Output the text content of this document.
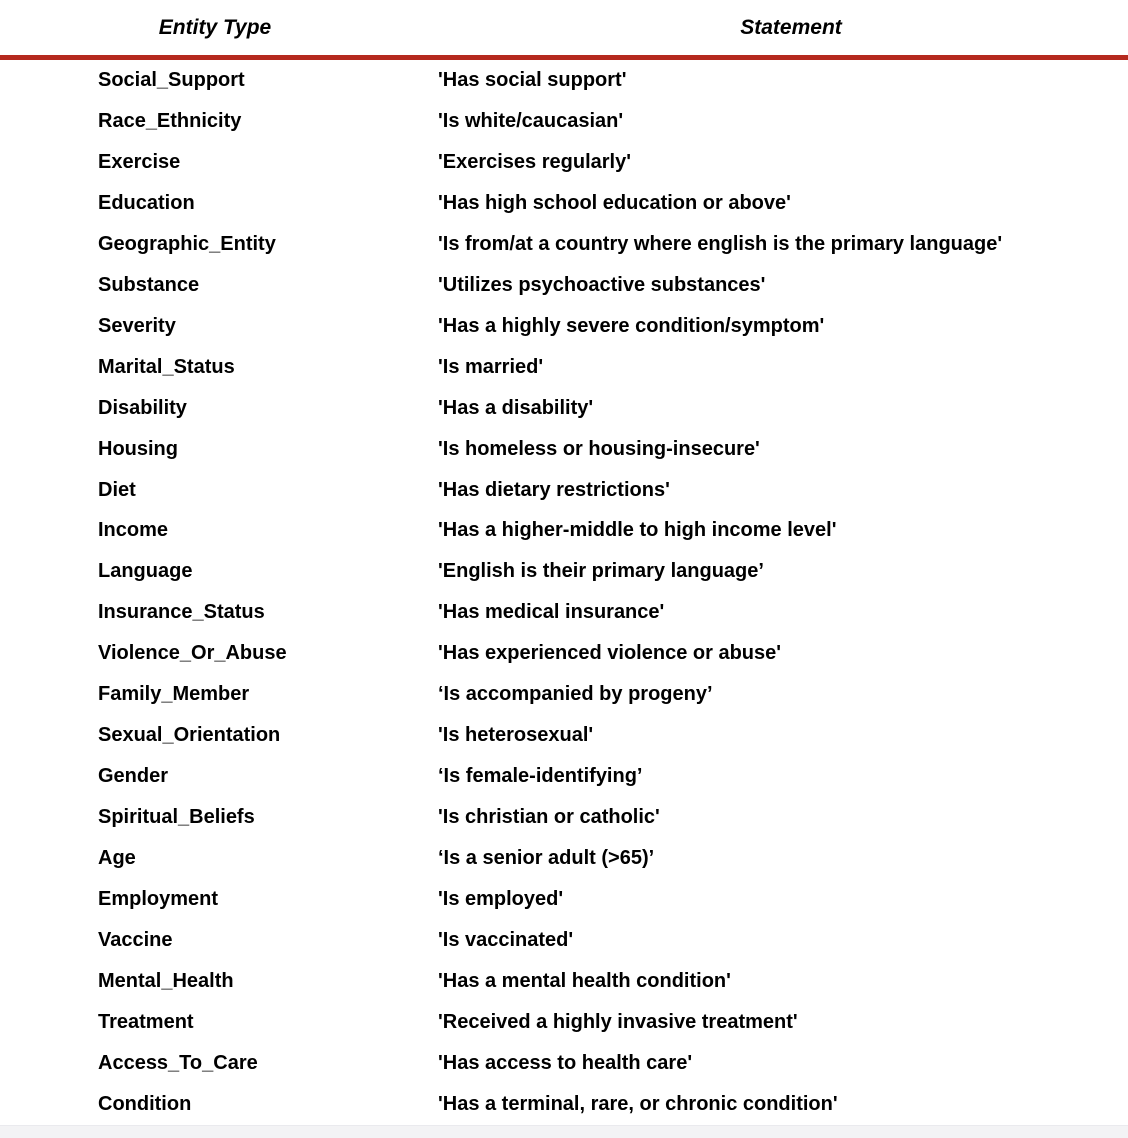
Entity Type	Statement
Social_Support	'Has social support'
Race_Ethnicity	'Is white/caucasian'
Exercise	'Exercises regularly'
Education	'Has high school education or above'
Geographic_Entity	'Is from/at a country where english is the primary language'
Substance	'Utilizes psychoactive substances'
Severity	'Has a highly severe condition/symptom'
Marital_Status	'Is married'
Disability	'Has a disability'
Housing	'Is homeless or housing-insecure'
Diet	'Has dietary restrictions'
Income	'Has a higher-middle to high income level'
Language	'English is their primary language’
Insurance_Status	'Has medical insurance'
Violence_Or_Abuse	'Has experienced violence or abuse'
Family_Member	‘Is accompanied by progeny’
Sexual_Orientation	'Is heterosexual'
Gender	‘Is female-identifying’
Spiritual_Beliefs	'Is christian or catholic'
Age	‘Is a senior adult (>65)’
Employment	'Is employed'
Vaccine	'Is vaccinated'
Mental_Health	'Has a mental health condition'
Treatment	'Received a highly invasive treatment'
Access_To_Care	'Has access to health care'
Condition	'Has a terminal, rare, or chronic condition'
